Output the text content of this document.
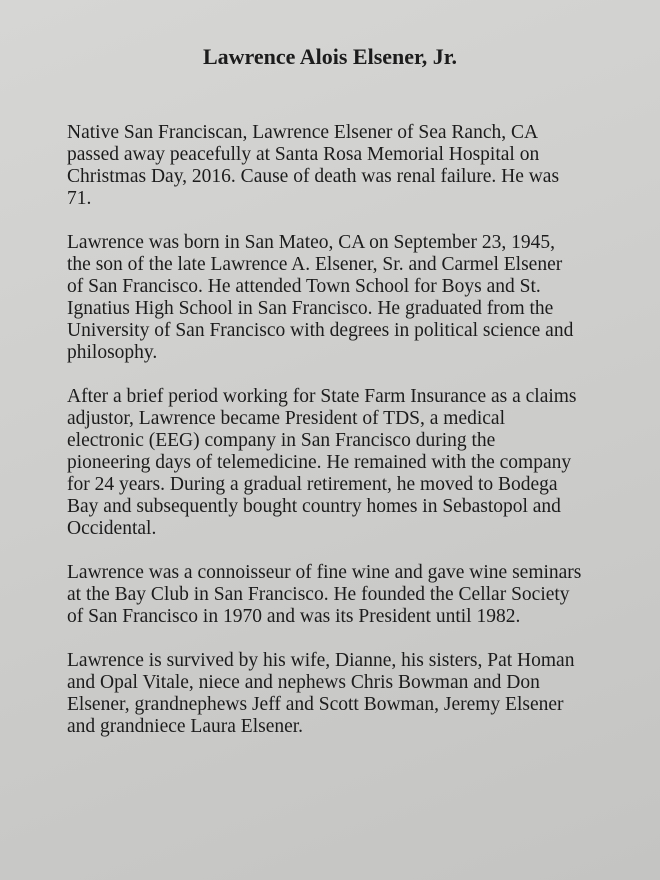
Lawrence Alois Elsener, Jr.
Native San Franciscan, Lawrence Elsener of Sea Ranch, CA
passed away peacefully at Santa Rosa Memorial Hospital on
Christmas Day, 2016. Cause of death was renal failure. He was
71.
Lawrence was born in San Mateo, CA on September 23, 1945,
the son of the late Lawrence A. Elsener, Sr. and Carmel Elsener
of San Francisco. He attended Town School for Boys and St.
Ignatius High School in San Francisco. He graduated from the
University of San Francisco with degrees in political science and
philosophy.
After a brief period working for State Farm Insurance as a claims
adjustor, Lawrence became President of TDS, a medical
electronic (EEG) company in San Francisco during the
pioneering days of telemedicine. He remained with the company
for 24 years. During a gradual retirement, he moved to Bodega
Bay and subsequently bought country homes in Sebastopol and
Occidental.
Lawrence was a connoisseur of fine wine and gave wine seminars
at the Bay Club in San Francisco. He founded the Cellar Society
of San Francisco in 1970 and was its President until 1982.
Lawrence is survived by his wife, Dianne, his sisters, Pat Homan
and Opal Vitale, niece and nephews Chris Bowman and Don
Elsener, grandnephews Jeff and Scott Bowman, Jeremy Elsener
and grandniece Laura Elsener.
